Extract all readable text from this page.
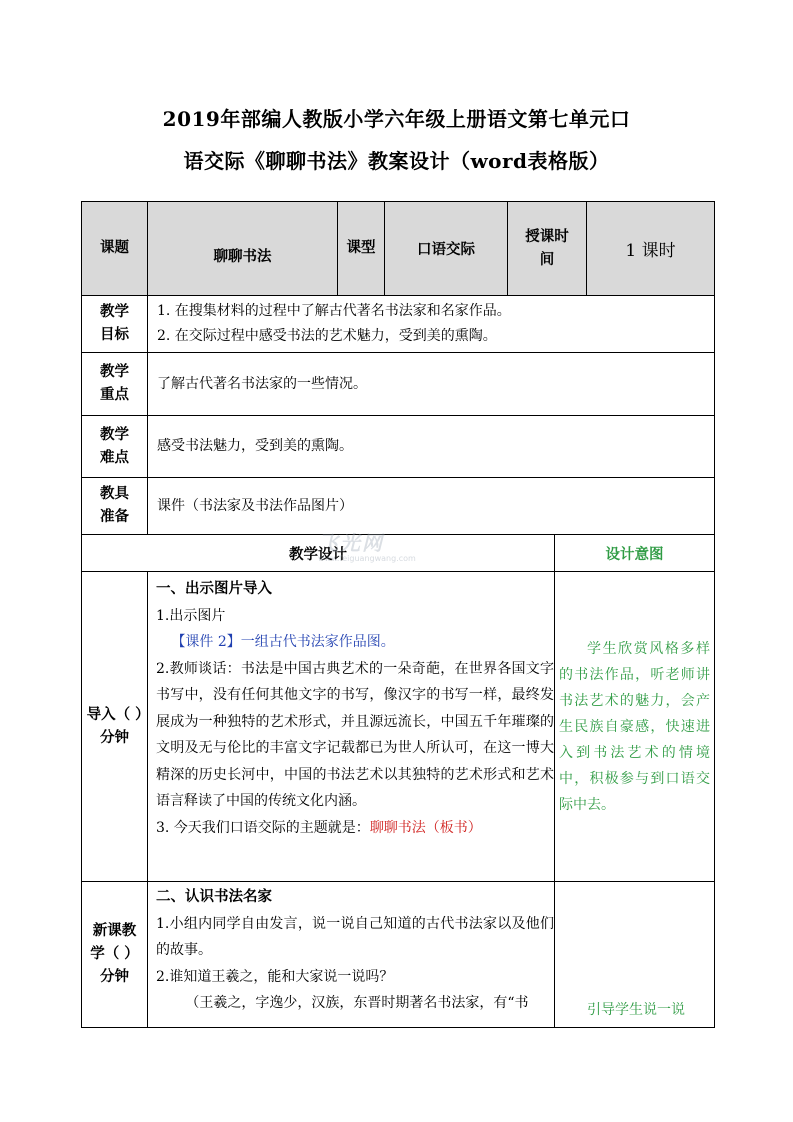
2019年部编人教版小学六年级上册语文第七单元口
语交际《聊聊书法》教案设计（word表格版）
课题	聊聊书法	课型	口语交际	授课时间		1 课时
教学目标	1. 在搜集材料的过程中了解古代著名书法家和名家作品。
2. 在交际过程中感受书法的艺术魅力，受到美的熏陶。					

教学重点	了解古代著名书法家的一些情况。					
教学难点	感受书法魅力，受到美的熏陶。					
教具准备	课件（书法家及书法作品图片）					
教学设计					设计意图	
导入（ ）分钟	一、出示图片导入

1.出示图片

【课件 2】一组古代书法家作品图。

2.教师谈话：书法是中国古典艺术的一朵奇葩，在世界各国文字书写中，没有任何其他文字的书写，像汉字的书写一样，最终发展成为一种独特的艺术形式，并且源远流长，中国五千年璀璨的文明及无与伦比的丰富文字记载都已为世人所认可，在这一博大精深的历史长河中，中国的书法艺术以其独特的艺术形式和艺术语言释读了中国的传统文化内涵。

3. 今天我们口语交际的主题就是：聊聊书法（板书）				学生欣赏风格多样的书法作品，听老师讲书法艺术的魅力，会产生民族自豪感，快速进入到书法艺术的情境中，积极参与到口语交际中去。	
新课教学（ ）分钟	二、认识书法名家

1.小组内同学自由发言，说一说自己知道的古代书法家以及他们的故事。

2.谁知道王羲之，能和大家说一说吗？

（王羲之，字逸少，汉族，东晋时期著名书法家，有“书				引导学生说一说	
飞光网
www.feiguangwang.com
